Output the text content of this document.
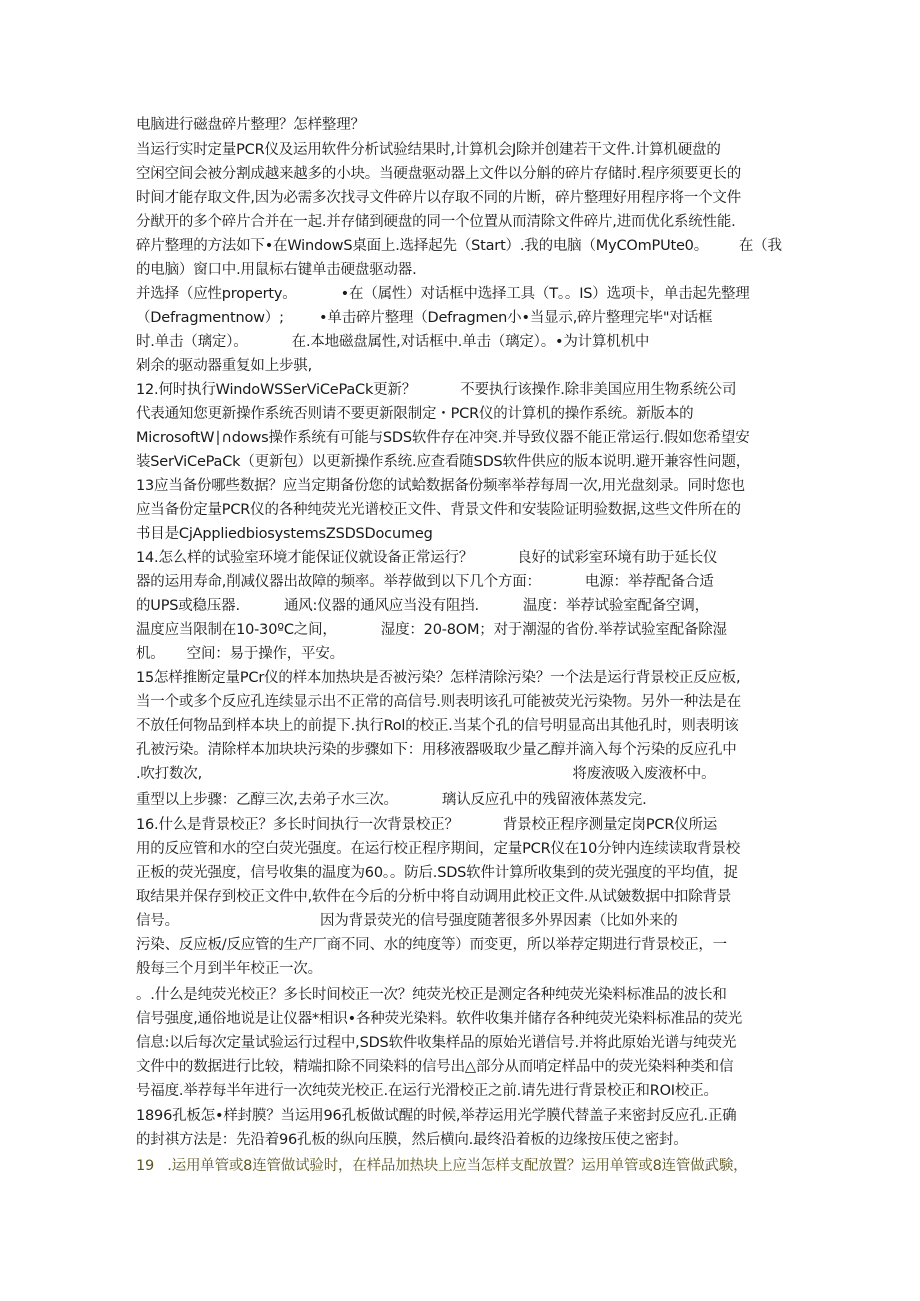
电脑进行磁盘碎片整理？怎样整理？
当运行实时定量PCR仪及运用软件分析试验结果时,计算机会J除并创建若干文件.计算机硬盘的
空闲空间会被分割成越来越多的小块。当硬盘驱动器上文件以分斛的碎片存储时.程序须要更长的
时间才能存取文件,因为必需多次找寻文件碎片以存取不同的片断，碎片整理好用程序将一个文件
分猷开的多个碎片合并在一起.并存储到硬盘的同一个位置从而清除文件碎片,进而优化系统性能.
碎片整理的方法如下•在WindowS桌面上.选择起先（Start）.我的电脑（MyCOmPUte0。       在（我
的电脑）窗口中.用鼠标右键单击硬盘驱动器.
并选择（应性property。          •在（属性）对话框中选择工具（T。。IS）选项卡，单击起先整理
（Defragmentnow）;        •单击碎片整理（Defragmen小•当显示,碎片整理完毕"对话框
时.单击（璃定）。          在.本地磁盘属性,对话框中.单击（璃定）。•为计算机机中
剁余的驱动器重复如上步骐,
12.何时执行WindoWSSerViCePaCk更新？          不要执行该操作.除非美国应用生物系统公司
代表通知您更新操作系统否则请不要更新限制定・PCR仪的计算机的操作系统。新版本的
MicrosoftW∣∩dows操作系统有可能与SDS软件存在冲突.并导致仪器不能正常运行.假如您希望安
装SerViCePaCk（更新包）以更新操作系统.应查看随SDS软件供应的版本说明.避开兼容性问题，
13应当备份哪些数据？应当定期备份您的试蛤数据备份频率举荐每周一次,用光盘刻录。同时您也
应当备份定量PCR仪的各种纯荧光光谱校正文件、背景文件和安装险证明验数据,这些文件所在的
书目是CjAppliedbiosystemsZSDSDocumeg
14.怎么样的试验室环境才能保证仪就设备正常运行？          良好的试彩室环境有助于延长仪
器的运用寿命,削减仪器出故障的频率。举荐做到以下几个方面：          电源：举荐配备合适
的UPS或稳压器.          通风:仪器的通风应当没有阻挡.          温度：举荐试验室配备空调，
温度应当限制在10-30ºC之间，          湿度：20-8OM；对于潮湿的省份.举荐试验室配备除湿
机。     空间：易于操作，平安。
15怎样推断定量PCr仪的样本加热块是否被污染？怎样清除污染？一个法是运行背景校正反应板,
当一个或多个反应孔连续显示出不正常的高信号.则表明该孔可能被荧光污染物。另外一种法是在
不放任何物品到样本块上的前提下.执行Rol的校正.当某个孔的信号明显高出其他孔时，则表明该
孔被污染。清除样本加块块污染的步骤如下：用移液器吸取少量乙醇并滴入每个污染的反应孔中
.吹打数次,                                                                                    将废液吸入废液杯中。
重型以上步骤：乙醇三次,去弟子水三次。          璃认反应孔中的残留液体蒸发完.
16.什么是背景校正？多长时间执行一次背景校正？          背景校正程序测量定岗PCR仪所运
用的反应管和水的空白荧光强度。在运行校正程序期间，定量PCR仪在10分钟内连续读取背景校
正板的荧光强度，信号收集的温度为60。。防后.SDS软件计算所收集到的荧光强度的平均值，捉
取结果并保存到校正文件中,软件在今后的分析中将自动调用此校正文件.从试皴数据中扣除背景
信号。                                因为背景荧光的信号强度随著很多外界因素（比如外来的
污染、反应板/反应管的生产厂商不同、水的纯度等）而变更，所以举荐定期进行背景校正，一
般每三个月到半年校正一次。
。.什么是纯荧光校正？多长时间校正一次？纯荧光校正是测定各种纯荧光染料标准品的波长和
信号强度,通俗地说是让仪器*相识•各种荧光染料。软件收集并储存各种纯荧光染料标准品的荧光
信息:以后每次定量试验运行过程中,SDS软件收集样品的原始光谱信号.并将此原始光谱与纯荧光
文件中的数据进行比较，精端扣除不同染料的信号出△部分从而哨定样品中的荧光染料种类和信
号福度.举荐每半年进行一次纯荧光校正.在运行光滑校正之前.请先进行背景校正和ROI校正。
1896孔板怎•样封膜？当运用96孔板做试醒的时候,举荐运用光学膜代替盖子来密封反应孔.正确
的封祺方法是：先沿着96孔板的纵向压膜，然后横向.最终沿着板的边缘按压使之密封。
19   .运用单管或8连管做试验时，在样品加热块上应当怎样支配放置？运用单管或8连管做武験，
